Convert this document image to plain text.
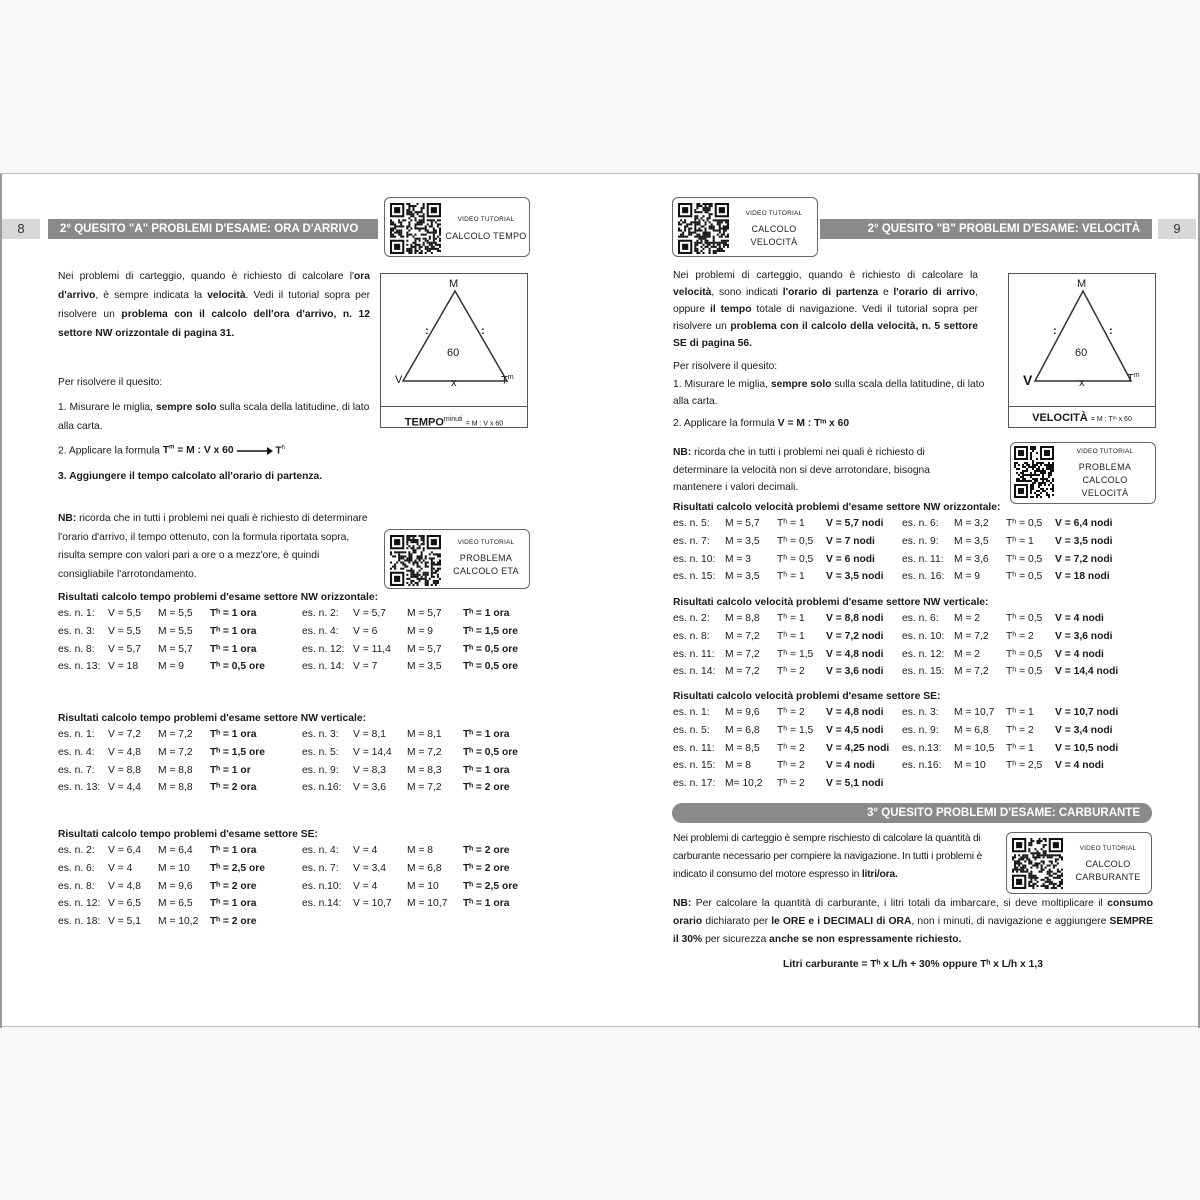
8	2° QUESITO "A" PROBLEMI D'ESAME: ORA D'ARRIVO
VIDEO TUTORIAL
CALCOLO TEMPO
Nei problemi di carteggio, quando è richiesto di calcolare l'ora d'arrivo, è sempre indicata la velocità. Vedi il tutorial sopra per risolvere un problema con il calcolo dell'ora d'arrivo, n. 12 settore NW orizzontale di pagina 31.
M
V	$T^m$
x
60
:	:
$TEMPO^{minuti} = M$ : V x 60
Per risolvere il quesito:
1. Misurare le miglia, sempre solo sulla scala della latitudine, di lato alla carta.
2. Applicare la formula $T^m = M$ : V x 60	$T^h$
3. Aggiungere il tempo calcolato all'orario di partenza.
NB: ricorda che in tutti i problemi nei quali è richiesto di determinare l'orario d'arrivo, il tempo ottenuto, con la formula riportata sopra, risulta sempre con valori pari a ore o a mezz'ore, è quindi consigliabile l'arrotondamento.
VIDEO TUTORIAL
PROBLEMA
CALCOLO ETA
Risultati calcolo tempo problemi d'esame settore NW orizzontale:
es. n. 1:	V = 5,5	M = 5,5	Tʰ = 1 ora	es. n. 2:	V = 5,7	M = 5,7	Tʰ = 1 ora
es. n. 3:	V = 5,5	M = 5,5	Tʰ = 1 ora	es. n. 4:	V = 6	M = 9	Tʰ = 1,5 ore
es. n. 8:	V = 5,7	M = 5,7	Tʰ = 1 ora	es. n. 12:	V = 11,4	M = 5,7	Tʰ = 0,5 ore
es. n. 13:	V = 18	M = 9	Tʰ = 0,5 ore	es. n. 14:	V = 7	M = 3,5	Tʰ = 0,5 ore
Risultati calcolo tempo problemi d'esame settore NW verticale:
es. n. 1:	V = 7,2	M = 7,2	Tʰ = 1 ora	es. n. 3:	V = 8,1	M = 8,1	Tʰ = 1 ora
es. n. 4:	V = 4,8	M = 7,2	Tʰ = 1,5 ore	es. n. 5:	V = 14,4	M = 7,2	Tʰ = 0,5 ore
es. n. 7:	V = 8,8	M = 8,8	Tʰ = 1 or	es. n. 9:	V = 8,3	M = 8,3	Tʰ = 1 ora
es. n. 13:	V = 4,4	M = 8,8	Tʰ = 2 ora	es. n.16:	V = 3,6	M = 7,2	Tʰ = 2 ore
Risultati calcolo tempo problemi d'esame settore SE:
es. n. 2:	V = 6,4	M = 6,4	Tʰ = 1 ora	es. n. 4:	V = 4	M = 8	Tʰ = 2 ore
es. n. 6:	V = 4	M = 10	Tʰ = 2,5 ore	es. n. 7:	V = 3,4	M = 6,8	Tʰ = 2 ore
es. n. 8:	V = 4,8	M = 9,6	Tʰ = 2 ore	es. n.10:	V = 4	M = 10	Tʰ = 2,5 ore
es. n. 12:	V = 6,5	M = 6,5	Tʰ = 1 ora	es. n.14:	V = 10,7	M = 10,7	Tʰ = 1 ora
es. n. 18:	V = 5,1	M = 10,2	Tʰ = 2 ore				
2° QUESITO "B" PROBLEMI D'ESAME: VELOCITÀ	9
VIDEO TUTORIAL
CALCOLO
VELOCITÀ
Nei problemi di carteggio, quando è richiesto di calcolare la velocità, sono indicati l'orario di partenza e l'orario di arrivo, oppure il tempo totale di navigazione. Vedi il tutorial sopra per risolvere un problema con il calcolo della velocità, n. 5 settore SE di pagina 56.
M
V	$T^m$
x
60
:	:
VELOCITÀ = M : Tᵐ x 60
Per risolvere il quesito:
1. Misurare le miglia, sempre solo sulla scala della latitudine, di lato alla carta.
2. Applicare la formula V = M : Tᵐ x 60
NB: ricorda che in tutti i problemi nei quali è richiesto di determinare la velocità non si deve arrotondare, bisogna mantenere i valori decimali.
VIDEO TUTORIAL
PROBLEMA
CALCOLO
VELOCITÀ
Risultati calcolo velocità problemi d'esame settore NW orizzontale:
es. n. 5:	M = 5,7	Tʰ = 1	V = 5,7 nodi	es. n. 6:	M = 3,2	Tʰ = 0,5	V = 6,4 nodi
es. n. 7:	M = 3,5	Tʰ = 0,5	V = 7 nodi	es. n. 9:	M = 3,5	Tʰ = 1	V = 3,5 nodi
es. n. 10:	M = 3	Tʰ = 0,5	V = 6 nodi	es. n. 11:	M = 3,6	Tʰ = 0,5	V = 7,2 nodi
es. n. 15:	M = 3,5	Tʰ = 1	V = 3,5 nodi	es. n. 16:	M = 9	Tʰ = 0,5	V = 18 nodi
Risultati calcolo velocità problemi d'esame settore NW verticale:
es. n. 2:	M = 8,8	Tʰ = 1	V = 8,8 nodi	es. n. 6:	M = 2	Tʰ = 0,5	V = 4 nodi
es. n. 8:	M = 7,2	Tʰ = 1	V = 7,2 nodi	es. n. 10:	M = 7,2	Tʰ = 2	V = 3,6 nodi
es. n. 11:	M = 7,2	Tʰ = 1,5	V = 4,8 nodi	es. n. 12:	M = 2	Tʰ = 0,5	V = 4 nodi
es. n. 14:	M = 7,2	Tʰ = 2	V = 3,6 nodi	es. n. 15:	M = 7,2	Tʰ = 0,5	V = 14,4 nodi
Risultati calcolo velocità problemi d'esame settore SE:
es. n. 1:	M = 9,6	Tʰ = 2	V = 4,8 nodi	es. n. 3:	M = 10,7	Tʰ = 1	V = 10,7 nodi
es. n. 5:	M = 6,8	Tʰ = 1,5	V = 4,5 nodi	es. n. 9:	M = 6,8	Tʰ = 2	V = 3,4 nodi
es. n. 11:	M = 8,5	Tʰ = 2	V = 4,25 nodi	es. n.13:	M = 10,5	Tʰ = 1	V = 10,5 nodi
es. n. 15:	M = 8	Tʰ = 2	V = 4 nodi	es. n.16:	M = 10	Tʰ = 2,5	V = 4 nodi
es. n. 17:	M= 10,2	Tʰ = 2	V = 5,1 nodi				
3° QUESITO PROBLEMI D'ESAME: CARBURANTE
Nei problemi di carteggio è sempre rischiesto di calcolare la quantità di carburante necessario per compiere la navigazione. In tutti i problemi è indicato il consumo del motore espresso in litri/ora.
VIDEO TUTORIAL
CALCOLO
CARBURANTE
NB: Per calcolare la quantità di carburante, i litri totali da imbarcare, si deve moltiplicare il consumo orario dichiarato per le ORE e i DECIMALI di ORA, non i minuti, di navigazione e aggiungere SEMPRE il 30% per sicurezza anche se non espressamente richiesto.
Litri carburante = Tʰ x L/h + 30% oppure Tʰ x L/h x 1,3
